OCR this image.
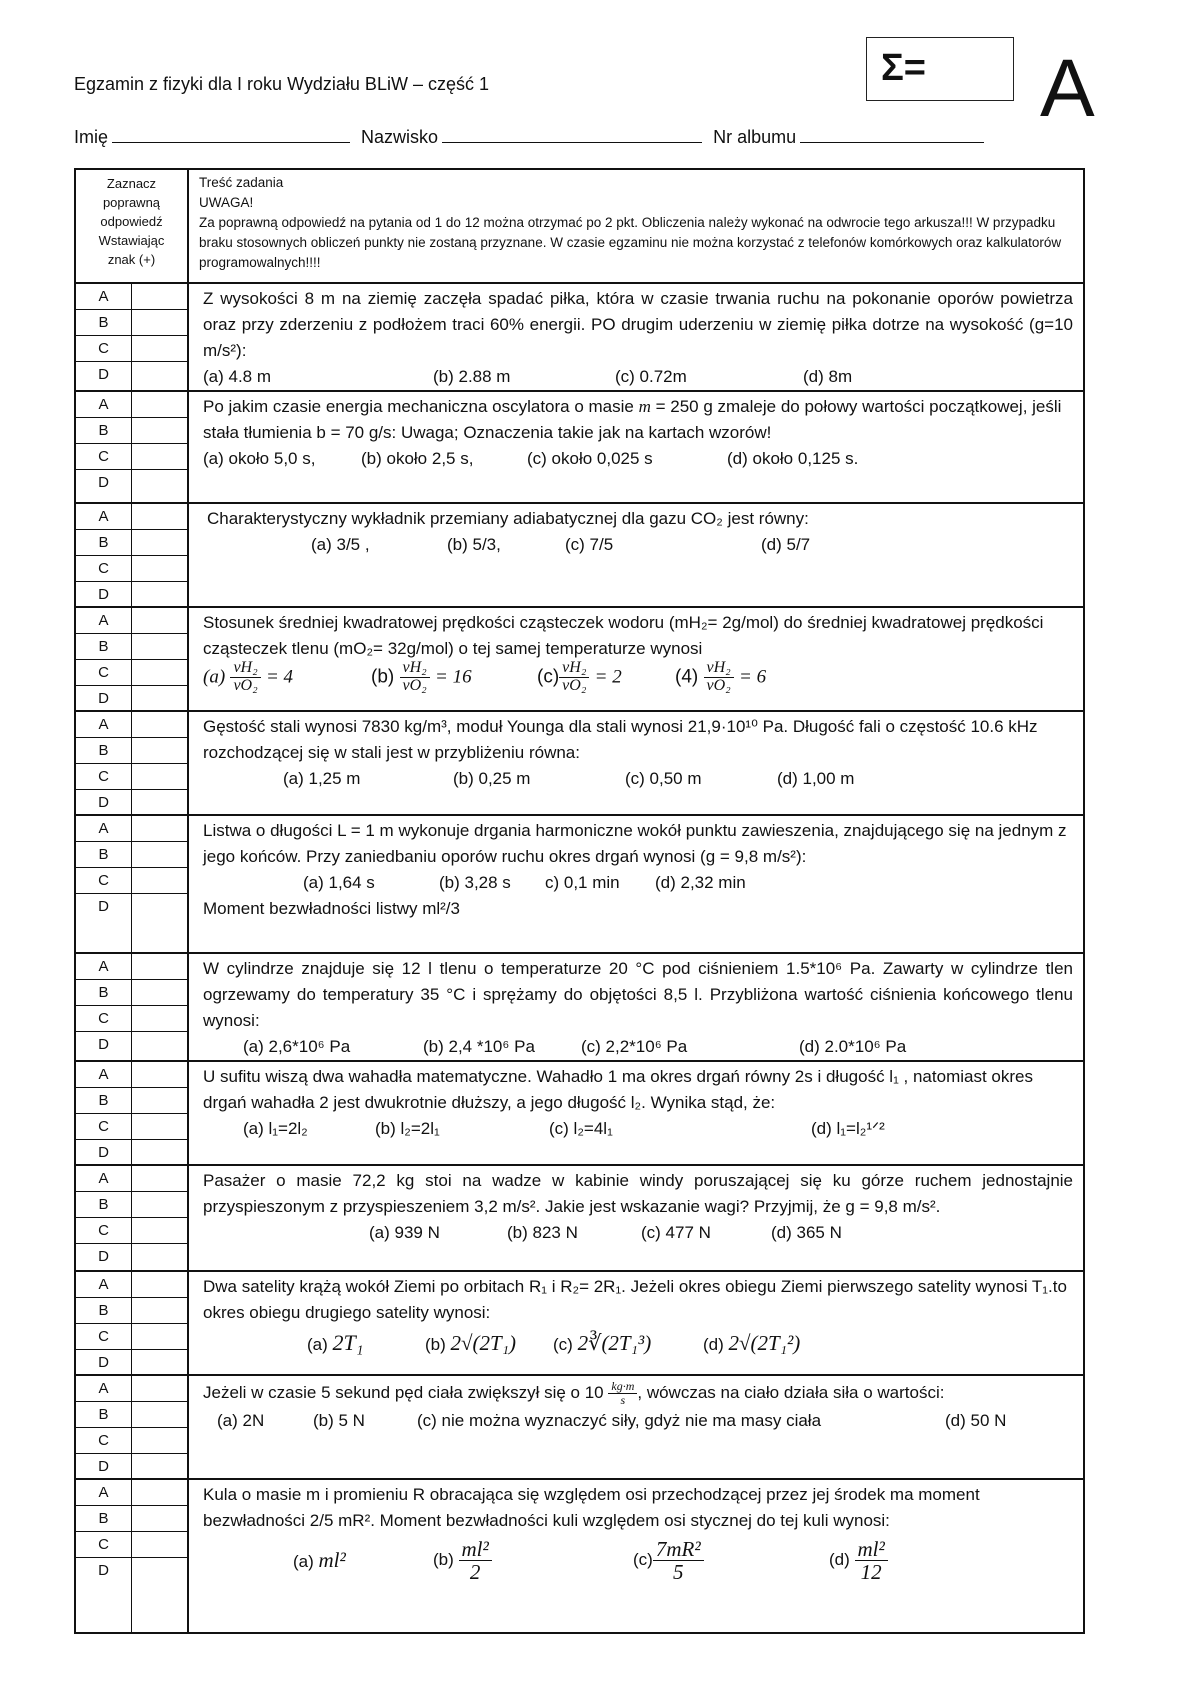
Egzamin z fizyki dla I roku Wydziału BLiW – część 1	Σ=	A
Imię	Nazwisko	Nr albumu
Zaznacz
poprawną
odpowiedź
Wstawiając
znak (+)
Treść zadania
UWAGA!
Za poprawną odpowiedź na pytania od 1 do 12 można otrzymać po 2 pkt. Obliczenia należy wykonać na odwrocie tego arkusza!!! W przypadku braku stosownych obliczeń punkty nie zostaną przyznane. W czasie egzaminu nie można korzystać z telefonów komórkowych oraz kalkulatorów programowalnych!!!!
A
B
C
D
Z wysokości 8 m na ziemię zaczęła spadać piłka, która w czasie trwania ruchu na pokonanie oporów powietrza oraz przy zderzeniu z podłożem traci 60% energii. PO drugim uderzeniu w ziemię piłka dotrze na wysokość (g=10 m/s²):
(a) 4.8 m	(b) 2.88 m	(c) 0.72m	(d) 8m
A
B
C
D
Po jakim czasie energia mechaniczna oscylatora o masie m = 250 g zmaleje do połowy wartości początkowej, jeśli stała tłumienia b = 70 g/s: Uwaga; Oznaczenia takie jak na kartach wzorów!
(a) około 5,0 s,	(b) około 2,5 s,	(c) około 0,025 s	(d) około 0,125 s.
A
B
C
D
Charakterystyczny wykładnik przemiany adiabatycznej dla gazu CO₂ jest równy:
(a) 3/5 ,	(b) 5/3,	(c) 7/5	(d) 5/7
A
B
C
D
Stosunek średniej kwadratowej prędkości cząsteczek wodoru (mH₂= 2g/mol) do średniej kwadratowej prędkości cząsteczek tlenu (mO₂= 32g/mol) o tej samej temperaturze wynosi
$(a) \frac{\text{vH₂}}{\text{vO₂}} = 4$	$(b) \frac{\text{vH₂}}{\text{vO₂}} = 16$	$(c) \frac{\text{vH₂}}{\text{vO₂}} = 2$	$(4) \frac{\text{vH₂}}{\text{vO₂}} = 6$
A
B
C
D
Gęstość stali wynosi 7830 kg/m³, moduł Younga dla stali wynosi 21,9·10¹⁰ Pa. Długość fali o częstość 10.6 kHz rozchodzącej się w stali jest w przybliżeniu równa:
(a) 1,25 m	(b) 0,25 m	(c) 0,50 m	(d) 1,00 m
A
B
C
D
Listwa o długości L = 1 m wykonuje drgania harmoniczne wokół punktu zawieszenia, znajdującego się na jednym z jego końców. Przy zaniedbaniu oporów ruchu okres drgań wynosi (g = 9,8 m/s²):
(a) 1,64 s	(b) 3,28 s	c) 0,1 min	(d) 2,32 min
Moment bezwładności listwy ml²/3
A
B
C
D
W cylindrze znajduje się 12 l tlenu o temperaturze 20 °C pod ciśnieniem 1.5*10⁶ Pa. Zawarty w cylindrze tlen ogrzewamy do temperatury 35 °C i sprężamy do objętości 8,5 l. Przybliżona wartość ciśnienia końcowego tlenu wynosi:
(a) 2,6*10⁶ Pa	(b) 2,4 *10⁶ Pa	(c) 2,2*10⁶ Pa	(d) 2.0*10⁶ Pa
A
B
C
D
U sufitu wiszą dwa wahadła matematyczne. Wahadło 1 ma okres drgań równy 2s i długość l₁ , natomiast okres drgań wahadła 2 jest dwukrotnie dłuższy, a jego długość l₂. Wynika stąd, że:
(a) l₁=2l₂	(b) l₂=2l₁	(c) l₂=4l₁	(d) l₁=l₂¹ᐟ²
A
B
C
D
Pasażer o masie 72,2 kg stoi na wadze w kabinie windy poruszającej się ku górze ruchem jednostajnie przyspieszonym z przyspieszeniem 3,2 m/s². Jakie jest wskazanie wagi? Przyjmij, że g = 9,8 m/s².
(a) 939 N	(b) 823 N	(c) 477 N	(d) 365 N
A
B
C
D
Dwa satelity krążą wokół Ziemi po orbitach R₁ i R₂= 2R₁. Jeżeli okres obiegu Ziemi pierwszego satelity wynosi T₁.to okres obiegu drugiego satelity wynosi:
(a) 2T₁	(b) 2√(2T₁)	(c) 2∛(2T₁³)	(d) 2√(2T₁²)
A
B
C
D
Jeżeli w czasie 5 sekund pęd ciała zwiększył się o $10 \frac{kg\cdot m}{s}$ , wówczas na ciało działa siła o wartości:
(a) 2N	(b) 5 N	(c) nie można wyznaczyć siły, gdyż nie ma masy ciała	(d) 50 N
A
B
C
D
Kula o masie m i promieniu R obracająca się względem osi przechodzącej przez jej środek ma moment bezwładności 2/5 mR². Moment bezwładności kuli względem osi stycznej do tej kuli wynosi:
(a) ml²	$(b) \frac{\text{ml²}}{2}$	$(c) \frac{\text{7mR²}}{5}$	$(d) \frac{\text{ml²}}{12}$
